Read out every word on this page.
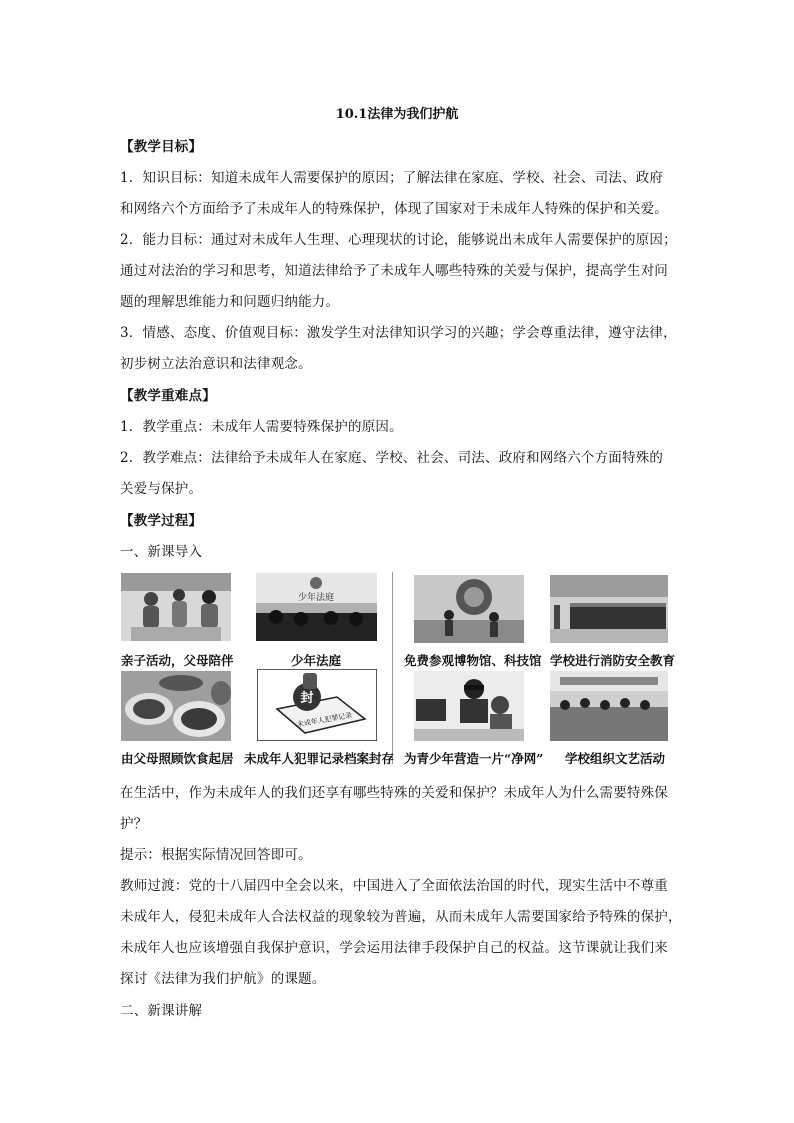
10.1法律为我们护航
【教学目标】
1．知识目标：知道未成年人需要保护的原因；了解法律在家庭、学校、社会、司法、政府
和网络六个方面给予了未成年人的特殊保护，体现了国家对于未成年人特殊的保护和关爱。
2．能力目标：通过对未成年人生理、心理现状的讨论，能够说出未成年人需要保护的原因；
通过对法治的学习和思考，知道法律给予了未成年人哪些特殊的关爱与保护，提高学生对问
题的理解思维能力和问题归纳能力。
3．情感、态度、价值观目标：激发学生对法律知识学习的兴趣；学会尊重法律，遵守法律，
初步树立法治意识和法律观念。
【教学重难点】
1．教学重点：未成年人需要特殊保护的原因。
2．教学难点：法律给予未成年人在家庭、学校、社会、司法、政府和网络六个方面特殊的
关爱与保护。
【教学过程】
一、新课导入
少年法庭
亲子活动，父母陪伴	少年法庭	免费参观博物馆、科技馆 学校进行消防安全教育
未成年人犯罪记录
封
由父母照顾饮食起居 未成年人犯罪记录档案封存 为青少年营造一片“净网” 学校组织文艺活动
在生活中，作为未成年人的我们还享有哪些特殊的关爱和保护？未成年人为什么需要特殊保
护？
提示：根据实际情况回答即可。
教师过渡：党的十八届四中全会以来，中国进入了全面依法治国的时代，现实生活中不尊重
未成年人，侵犯未成年人合法权益的现象较为普遍，从而未成年人需要国家给予特殊的保护，
未成年人也应该增强自我保护意识，学会运用法律手段保护自己的权益。这节课就让我们来
探讨《法律为我们护航》的课题。
二、新课讲解
